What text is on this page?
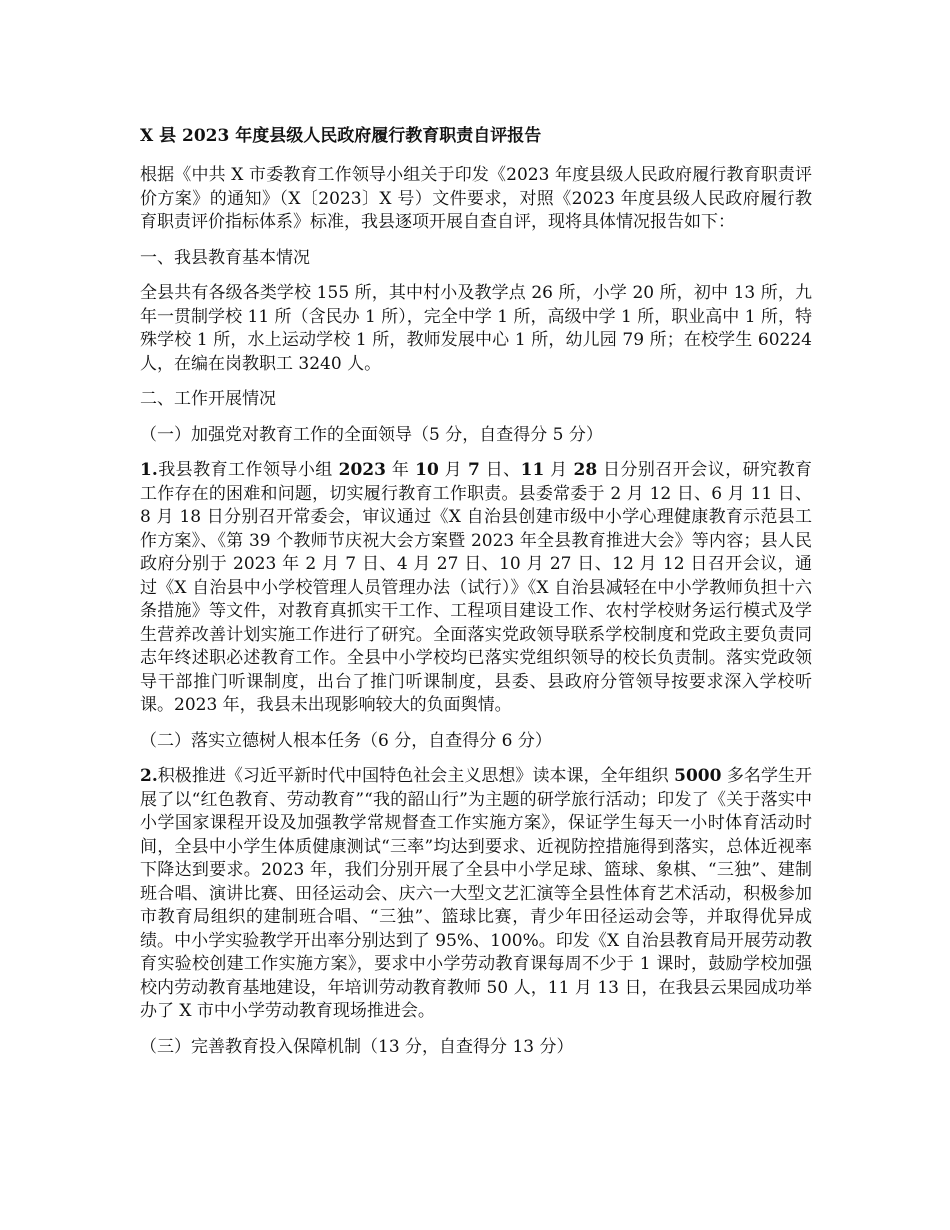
X 县 2023 年度县级人民政府履行教育职责自评报告

根据《中共 X 市委教育工作领导小组关于印发《2023 年度县级人民政府履行教育职责评价方案》的通知》（X〔2023〕X 号）文件要求，对照《2023 年度县级人民政府履行教育职责评价指标体系》标准，我县逐项开展自查自评，现将具体情况报告如下：

一、我县教育基本情况

全县共有各级各类学校 155 所，其中村小及教学点 26 所，小学 20 所，初中 13 所，九年一贯制学校 11 所（含民办 1 所），完全中学 1 所，高级中学 1 所，职业高中 1 所，特殊学校 1 所，水上运动学校 1 所，教师发展中心 1 所，幼儿园 79 所；在校学生 60224 人，在编在岗教职工 3240 人。

二、工作开展情况

（一）加强党对教育工作的全面领导（5 分，自查得分 5 分）

1.我县教育工作领导小组 2023 年 10 月 7 日、11 月 28 日分别召开会议，研究教育工作存在的困难和问题，切实履行教育工作职责。县委常委于 2 月 12 日、6 月 11 日、8 月 18 日分别召开常委会，审议通过《X 自治县创建市级中小学心理健康教育示范县工作方案》、《第 39 个教师节庆祝大会方案暨 2023 年全县教育推进大会》等内容；县人民政府分别于 2023 年 2 月 7 日、4 月 27 日、10 月 27 日、12 月 12 日召开会议，通过《X 自治县中小学校管理人员管理办法（试行）》《X 自治县减轻在中小学教师负担十六条措施》等文件，对教育真抓实干工作、工程项目建设工作、农村学校财务运行模式及学生营养改善计划实施工作进行了研究。全面落实党政领导联系学校制度和党政主要负责同志年终述职必述教育工作。全县中小学校均已落实党组织领导的校长负责制。落实党政领导干部推门听课制度，出台了推门听课制度，县委、县政府分管领导按要求深入学校听课。2023 年，我县未出现影响较大的负面舆情。

（二）落实立德树人根本任务（6 分，自查得分 6 分）

2.积极推进《习近平新时代中国特色社会主义思想》读本课，全年组织 5000 多名学生开展了以“红色教育、劳动教育”“我的韶山行”为主题的研学旅行活动；印发了《关于落实中小学国家课程开设及加强教学常规督查工作实施方案》，保证学生每天一小时体育活动时间，全县中小学生体质健康测试“三率”均达到要求、近视防控措施得到落实，总体近视率下降达到要求。2023 年，我们分别开展了全县中小学足球、篮球、象棋、“三独”、建制班合唱、演讲比赛、田径运动会、庆六一大型文艺汇演等全县性体育艺术活动，积极参加市教育局组织的建制班合唱、“三独”、篮球比赛，青少年田径运动会等，并取得优异成绩。中小学实验教学开出率分别达到了 95%、100%。印发《X 自治县教育局开展劳动教育实验校创建工作实施方案》，要求中小学劳动教育课每周不少于 1 课时，鼓励学校加强校内劳动教育基地建设，年培训劳动教育教师 50 人，11 月 13 日，在我县云果园成功举办了 X 市中小学劳动教育现场推进会。

（三）完善教育投入保障机制（13 分，自查得分 13 分）
